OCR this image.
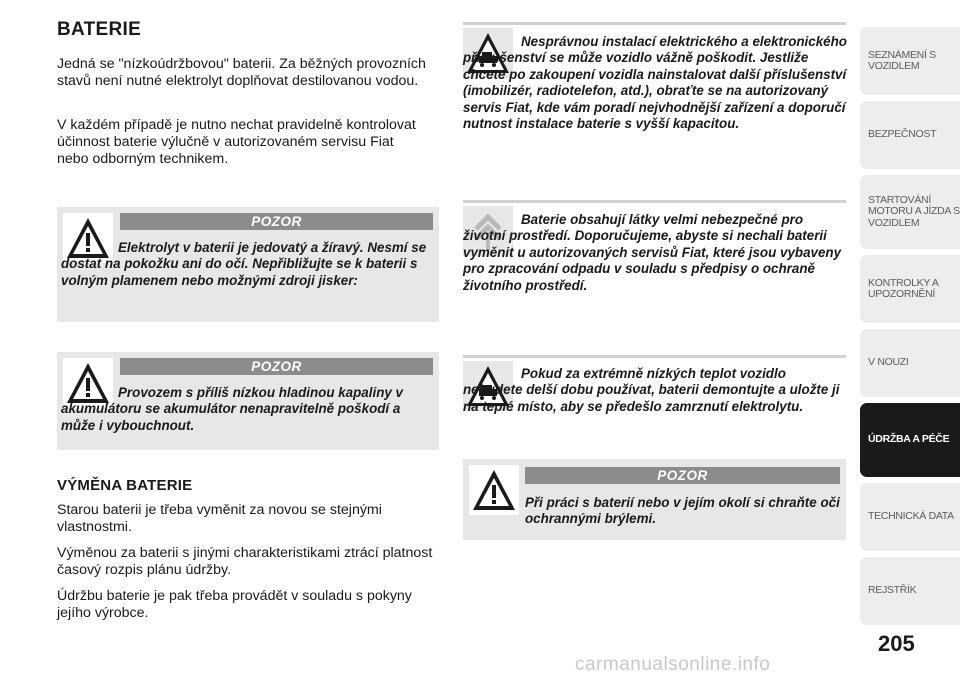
BATERIE

Jedná se "nízkoúdržbovou" baterii. Za běžných provozních stavů není nutné elektrolyt doplňovat destilovanou vodou.

V každém případě je nutno nechat pravidelně kontrolovat účinnost baterie výlučně v autorizovaném servisu Fiat nebo odborným technikem.

POZOR

Elektrolyt v baterii je jedovatý a žíravý. Nesmí se dostat na pokožku ani do očí. Nepřibližujte se k baterii s volným plamenem nebo možnými zdroji jisker:

POZOR

Provozem s příliš nízkou hladinou kapaliny v akumulátoru se akumulátor nenapravitelně poškodí a může i vybouchnout.

VÝMĚNA BATERIE

Starou baterii je třeba vyměnit za novou se stejnými vlastnostmi.

Výměnou za baterii s jinými charakteristikami ztrácí platnost časový rozpis plánu údržby.

Údržbu baterie je pak třeba provádět v souladu s pokyny jejího výrobce.

Nesprávnou instalací elektrického a elektronického příslušenství se může vozidlo vážně poškodit. Jestliže chcete po zakoupení vozidla nainstalovat další příslušenství (imobilizér, radiotelefon, atd.), obraťte se na autorizovaný servis Fiat, kde vám poradí nejvhodnější zařízení a doporučí nutnost instalace baterie s vyšší kapacitou.

Baterie obsahují látky velmi nebezpečné pro životní prostředí. Doporučujeme, abyste si nechali baterii vyměnit u autorizovaných servisů Fiat, které jsou vybaveny pro zpracování odpadu v souladu s předpisy o ochraně životního prostředí.

Pokud za extrémně nízkých teplot vozidlo nebudete delší dobu používat, baterii demontujte a uložte ji na teplé místo, aby se předešlo zamrznutí elektrolytu.

POZOR

Při práci s baterií nebo v jejím okolí si chraňte oči ochrannými brýlemi.

SEZNÁMENÍ S VOZIDLEM
BEZPEČNOST
STARTOVÁNÍ MOTORU A JÍZDA S VOZIDLEM
KONTROLKY A UPOZORNĚNÍ
V NOUZI
ÚDRŽBA A PÉČE
TECHNICKÁ DATA
REJSTŘÍK
205
carmanualsonline.info
